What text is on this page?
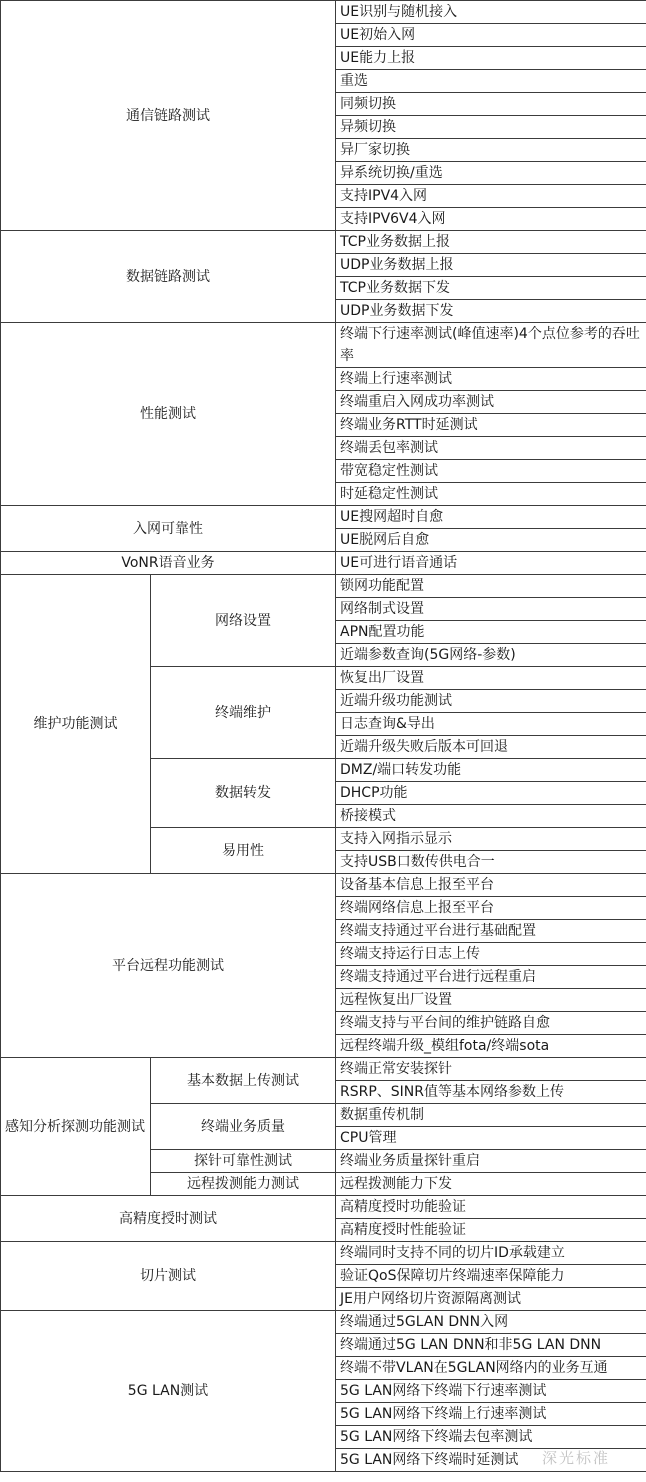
通信链路测试		UE识别与随机接入
		UE初始入网
		UE能力上报
		重选
		同频切换
		异频切换
		异厂家切换
		异系统切换/重选
		支持IPV4入网
		支持IPV6V4入网
数据链路测试		TCP业务数据上报
		UDP业务数据上报
		TCP业务数据下发
		UDP业务数据下发
性能测试		终端下行速率测试(峰值速率)4个点位参考的吞吐率
		终端上行速率测试
		终端重启入网成功率测试
		终端业务RTT时延测试
		终端丢包率测试
		带宽稳定性测试
		时延稳定性测试
入网可靠性		UE搜网超时自愈
		UE脱网后自愈
VoNR语音业务		UE可进行语音通话
维护功能测试	网络设置	锁网功能配置
		网络制式设置
		APN配置功能
		近端参数查询(5G网络-参数)
	终端维护	恢复出厂设置
		近端升级功能测试
		日志查询&导出
		近端升级失败后版本可回退
	数据转发	DMZ/端口转发功能
		DHCP功能
		桥接模式
	易用性	支持入网指示显示
		支持USB口数传供电合一
平台远程功能测试		设备基本信息上报至平台
		终端网络信息上报至平台
		终端支持通过平台进行基础配置
		终端支持运行日志上传
		终端支持通过平台进行远程重启
		远程恢复出厂设置
		终端支持与平台间的维护链路自愈
		远程终端升级_模组fota/终端sota
感知分析探测功能测试	基本数据上传测试	终端正常安装探针
		RSRP、SINR值等基本网络参数上传
	终端业务质量	数据重传机制
		CPU管理
	探针可靠性测试	终端业务质量探针重启
	远程拨测能力测试	远程拨测能力下发
高精度授时测试		高精度授时功能验证
		高精度授时性能验证
切片测试		终端同时支持不同的切片ID承载建立
		验证QoS保障切片终端速率保障能力
		JE用户网络切片资源隔离测试
5G LAN测试		终端通过5GLAN DNN入网
		终端通过5G LAN DNN和非5G LAN DNN
		终端不带VLAN在5GLAN网络内的业务互通
		5G LAN网络下终端下行速率测试
		5G LAN网络下终端上行速率测试
		5G LAN网络下终端去包率测试
		5G LAN网络下终端时延测试 深光标准
